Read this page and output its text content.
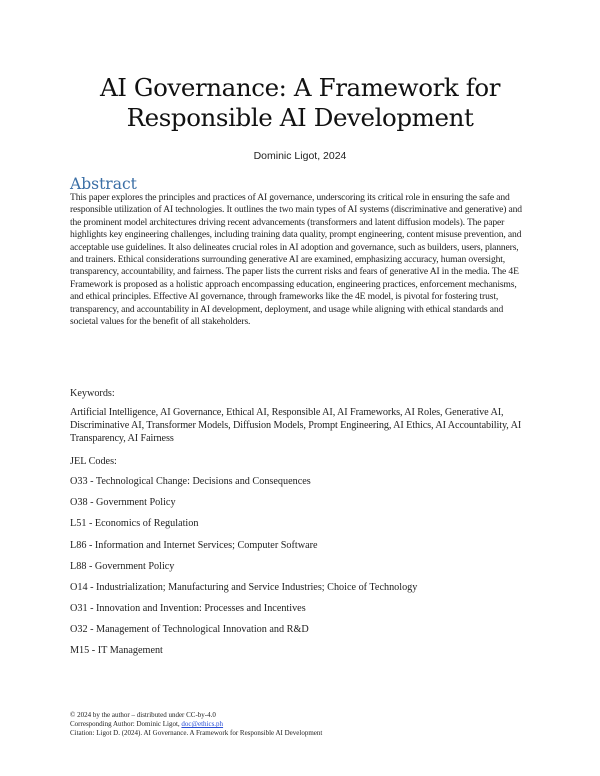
AI Governance: A Framework for
Responsible AI Development
Dominic Ligot, 2024
Abstract
This paper explores the principles and practices of AI governance, underscoring its critical role in ensuring the safe and responsible utilization of AI technologies. It outlines the two main types of AI systems (discriminative and generative) and the prominent model architectures driving recent advancements (transformers and latent diffusion models). The paper highlights key engineering challenges, including training data quality, prompt engineering, content misuse prevention, and acceptable use guidelines. It also delineates crucial roles in AI adoption and governance, such as builders, users, planners, and trainers. Ethical considerations surrounding generative AI are examined, emphasizing accuracy, human oversight, transparency, accountability, and fairness. The paper lists the current risks and fears of generative AI in the media. The 4E Framework is proposed as a holistic approach encompassing education, engineering practices, enforcement mechanisms, and ethical principles. Effective AI governance, through frameworks like the 4E model, is pivotal for fostering trust, transparency, and accountability in AI development, deployment, and usage while aligning with ethical standards and societal values for the benefit of all stakeholders.
Keywords:
Artificial Intelligence, AI Governance, Ethical AI, Responsible AI, AI Frameworks, AI Roles, Generative AI, Discriminative AI, Transformer Models, Diffusion Models, Prompt Engineering, AI Ethics, AI Accountability, AI Transparency, AI Fairness
JEL Codes:
O33 - Technological Change: Decisions and Consequences
O38 - Government Policy
L51 - Economics of Regulation
L86 - Information and Internet Services; Computer Software
L88 - Government Policy
O14 - Industrialization; Manufacturing and Service Industries; Choice of Technology
O31 - Innovation and Invention: Processes and Incentives
O32 - Management of Technological Innovation and R&D
M15 - IT Management
© 2024 by the author – distributed under CC-by-4.0
Corresponding Author: Dominic Ligot, doc@ethics.ph
Citation: Ligot D. (2024). AI Governance. A Framework for Responsible AI Development
